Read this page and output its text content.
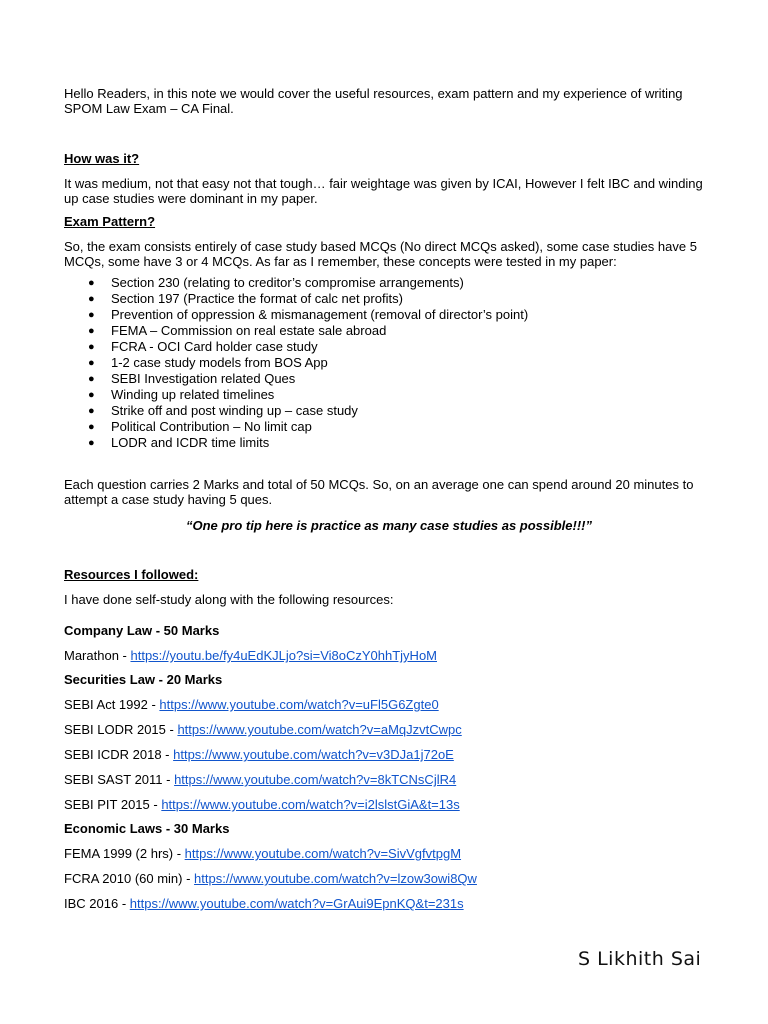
Hello Readers, in this note we would cover the useful resources, exam pattern and my experience of writing SPOM Law Exam – CA Final.

How was it?

It was medium, not that easy not that tough… fair weightage was given by ICAI, However I felt IBC and winding up case studies were dominant in my paper.

Exam Pattern?

So, the exam consists entirely of case study based MCQs (No direct MCQs asked), some case studies have 5 MCQs, some have 3 or 4 MCQs. As far as I remember, these concepts were tested in my paper:

● Section 230 (relating to creditor’s compromise arrangements)
● Section 197 (Practice the format of calc net profits)
● Prevention of oppression & mismanagement (removal of director’s point)
● FEMA – Commission on real estate sale abroad
● FCRA - OCI Card holder case study
● 1-2 case study models from BOS App
● SEBI Investigation related Ques
● Winding up related timelines
● Strike off and post winding up – case study
● Political Contribution – No limit cap
● LODR and ICDR time limits

Each question carries 2 Marks and total of 50 MCQs. So, on an average one can spend around 20 minutes to attempt a case study having 5 ques.

“One pro tip here is practice as many case studies as possible!!!”

Resources I followed:

I have done self-study along with the following resources:

Company Law - 50 Marks

Marathon - https://youtu.be/fy4uEdKJLjo?si=Vi8oCzY0hhTjyHoM

Securities Law - 20 Marks

SEBI Act 1992 - https://www.youtube.com/watch?v=uFl5G6Zgte0

SEBI LODR 2015 - https://www.youtube.com/watch?v=aMqJzvtCwpc

SEBI ICDR 2018 - https://www.youtube.com/watch?v=v3DJa1j72oE

SEBI SAST 2011 - https://www.youtube.com/watch?v=8kTCNsCjlR4

SEBI PIT 2015 - https://www.youtube.com/watch?v=i2lslstGiA&t=13s

Economic Laws - 30 Marks

FEMA 1999 (2 hrs) - https://www.youtube.com/watch?v=SivVgfvtpgM

FCRA 2010 (60 min) - https://www.youtube.com/watch?v=lzow3owi8Qw

IBC 2016 - https://www.youtube.com/watch?v=GrAui9EpnKQ&t=231s

S Likhith Sai
